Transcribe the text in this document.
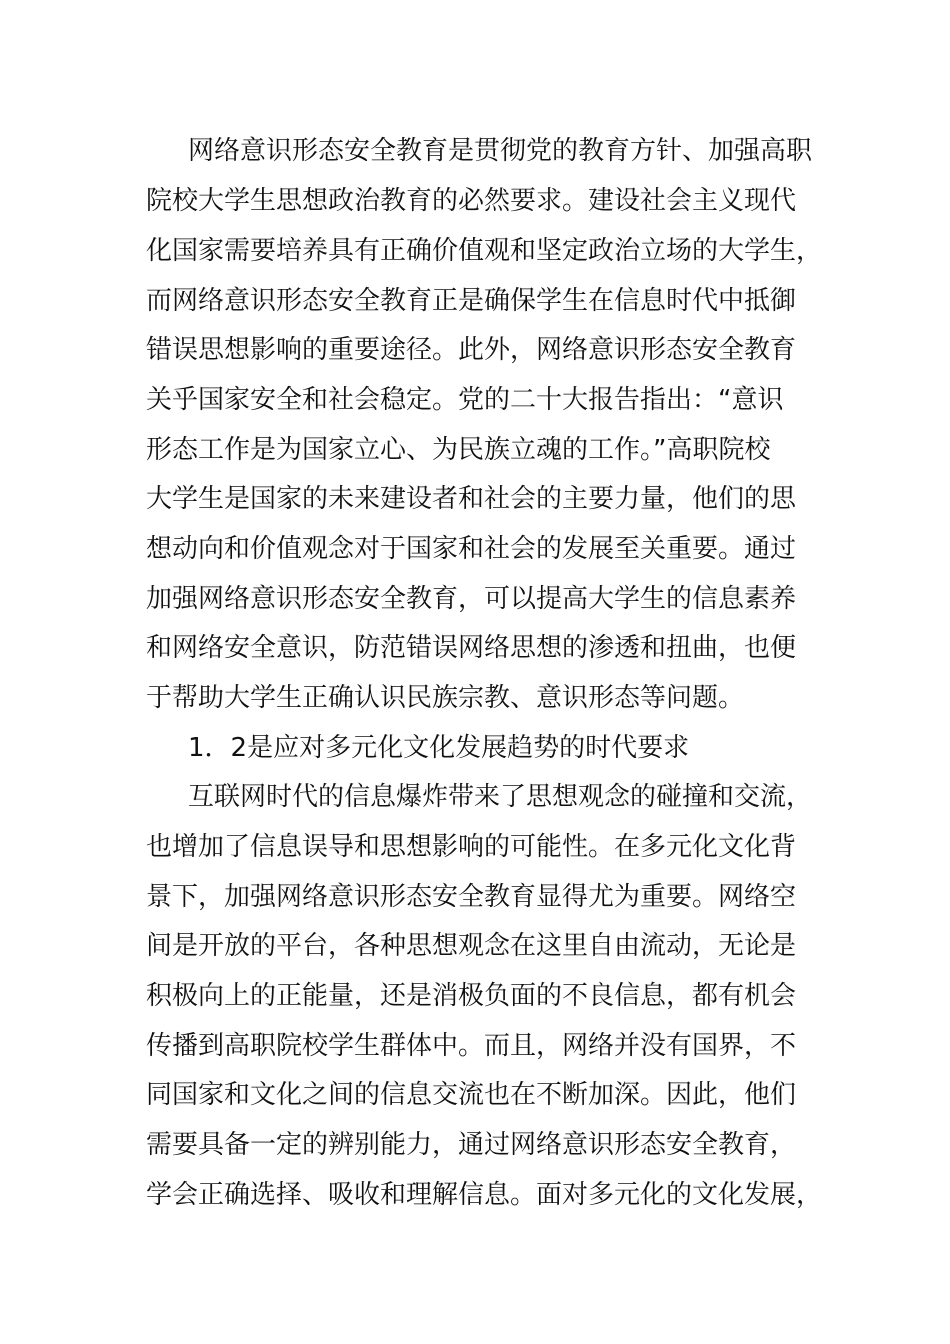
网络意识形态安全教育是贯彻党的教育方针、加强高职
院校大学生思想政治教育的必然要求。建设社会主义现代
化国家需要培养具有正确价值观和坚定政治立场的大学生，
而网络意识形态安全教育正是确保学生在信息时代中抵御
错误思想影响的重要途径。此外，网络意识形态安全教育
关乎国家安全和社会稳定。党的二十大报告指出：“意识
形态工作是为国家立心、为民族立魂的工作。”高职院校
大学生是国家的未来建设者和社会的主要力量，他们的思
想动向和价值观念对于国家和社会的发展至关重要。通过
加强网络意识形态安全教育，可以提高大学生的信息素养
和网络安全意识，防范错误网络思想的渗透和扭曲，也便
于帮助大学生正确认识民族宗教、意识形态等问题。
1．2是应对多元化文化发展趋势的时代要求
互联网时代的信息爆炸带来了思想观念的碰撞和交流，
也增加了信息误导和思想影响的可能性。在多元化文化背
景下，加强网络意识形态安全教育显得尤为重要。网络空
间是开放的平台，各种思想观念在这里自由流动，无论是
积极向上的正能量，还是消极负面的不良信息，都有机会
传播到高职院校学生群体中。而且，网络并没有国界，不
同国家和文化之间的信息交流也在不断加深。因此，他们
需要具备一定的辨别能力，通过网络意识形态安全教育，
学会正确选择、吸收和理解信息。面对多元化的文化发展，
